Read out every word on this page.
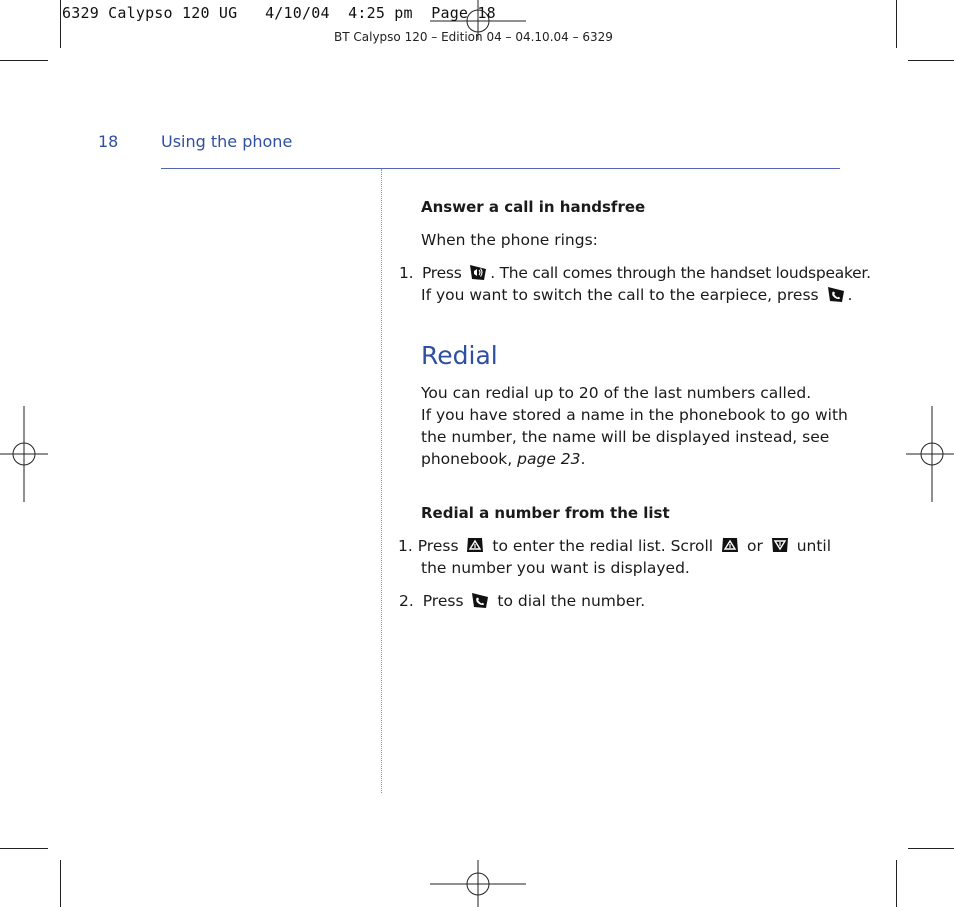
6329 Calypso 120 UG   4/10/04  4:25 pm  Page 18
BT Calypso 120 – Edition 04 – 04.10.04 – 6329
18	Using the phone
Answer a call in handsfree
When the phone rings:
1. Press . The call comes through the handset loudspeaker.
If you want to switch the call to the earpiece, press .
Redial
You can redial up to 20 of the last numbers called.
If you have stored a name in the phonebook to go with
the number, the name will be displayed instead, see
phonebook, page 23.
Redial a number from the list
1. Press to enter the redial list. Scroll or until
the number you want is displayed.
2. Press to dial the number.
